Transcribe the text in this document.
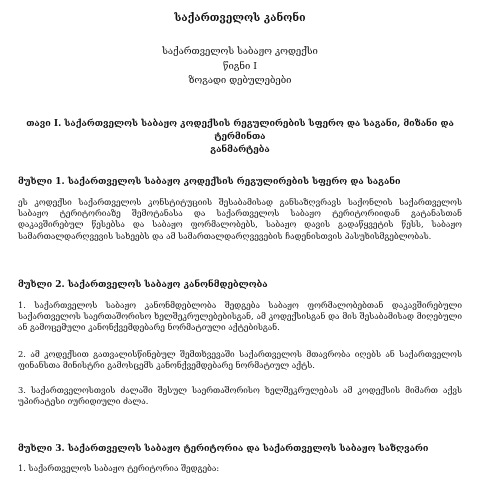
საქართველოს კანონი
საქართველოს საბაჟო კოდექსი
წიგნი I
ზოგადი დებულებები
თავი I. საქართველოს საბაჟო კოდექსის რეგულირების სფერო და საგანი, მიზანი და ტერმინთა
განმარტება
მუხლი 1. საქართველოს საბაჟო კოდექსის რეგულირების სფერო და საგანი
ეს კოდექსი საქართველოს კონსტიტუციის შესაბამისად განსაზღვრავს საქონლის საქართველოს საბაჟო ტერიტორიაზე შემოტანასა და საქართველოს საბაჟო ტერიტორიიდან გატანასთან დაკავშირებულ წესებსა და საბაჟო ფორმალობებს, საბაჟო დავის გადაწყვეტის წესს, საბაჟო სამართალდარღვევის სახეებს და ამ სამართალდარღვევების ჩადენისთვის პასუხისმგებლობას.
მუხლი 2. საქართველოს საბაჟო კანონმდებლობა
1. საქართველოს საბაჟო კანონმდებლობა შედგება საბაჟო ფორმალობებთან დაკავშირებული საქართველოს საერთაშორისო ხელშეკრულებებისგან, ამ კოდექსისგან და მის შესაბამისად მიღებული ან გამოცემული კანონქვემდებარე ნორმატიული აქტებისგან.
2. ამ კოდექსით გათვალისწინებულ შემთხვევაში საქართველოს მთავრობა იღებს ან საქართველოს ფინანსთა მინისტრი გამოსცემს კანონქვემდებარე ნორმატიულ აქტს.
3. საქართველოსთვის ძალაში შესულ საერთაშორისო ხელშეკრულებას ამ კოდექსის მიმართ აქვს უპირატესი იურიდიული ძალა.
მუხლი 3. საქართველოს საბაჟო ტერიტორია და საქართველოს საბაჟო საზღვარი
1. საქართველოს საბაჟო ტერიტორია შედგება:
